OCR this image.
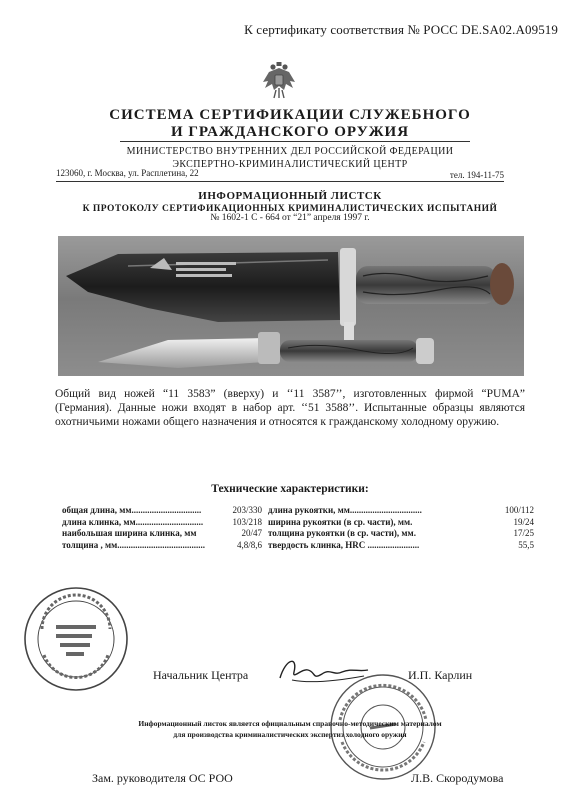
К сертификату соответствия № РОСС DE.SA02.A09519
СИСТЕМА СЕРТИФИКАЦИИ СЛУЖЕБНОГО
И ГРАЖДАНСКОГО ОРУЖИЯ
МИНИСТЕРСТВО ВНУТРЕННИХ ДЕЛ РОССИЙСКОЙ ФЕДЕРАЦИИ
ЭКСПЕРТНО-КРИМИНАЛИСТИЧЕСКИЙ ЦЕНТР
123060, г. Москва, ул. Расплетина, 22	тел. 194-11-75
ИНФОРМАЦИОННЫЙ ЛИСТСК
К ПРОТОКОЛУ СЕРТИФИКАЦИОННЫХ КРИМИНАЛИСТИЧЕСКИХ ИСПЫТАНИЙ
№ 1602-1 С - 664 от “21” апреля 1997 г.
Общий вид ножей “11 3583” (вверху) и ‘‘11 3587’’, изготовленных фирмой “PUMA” (Германия). Данные ножи входят в набор арт. ‘‘51 3588’’. Испытанные образцы являются охотничьими ножами общего назначения и относятся к гражданскому холодному оружию.
Технические характеристики:
общая длина, мм...............................	203/330
длина клинка, мм..............................	103/218
наибольшая ширина клинка, мм	20/47
толщина , мм.......................................	4,8/8,6
длина рукоятки, мм................................	100/112
ширина рукоятки (в ср. части), мм.	19/24
толщина рукоятки (в ср. части), мм.	17/25
твердость клинка, HRC .......................	55,5
Начальник Центра	И.П. Карлин
Информационный листок является официальным справочно-методическим материалом
для производства криминалистических экспертиз холодного оружия
Зам. руководителя ОС РОО	Л.В. Скородумова
